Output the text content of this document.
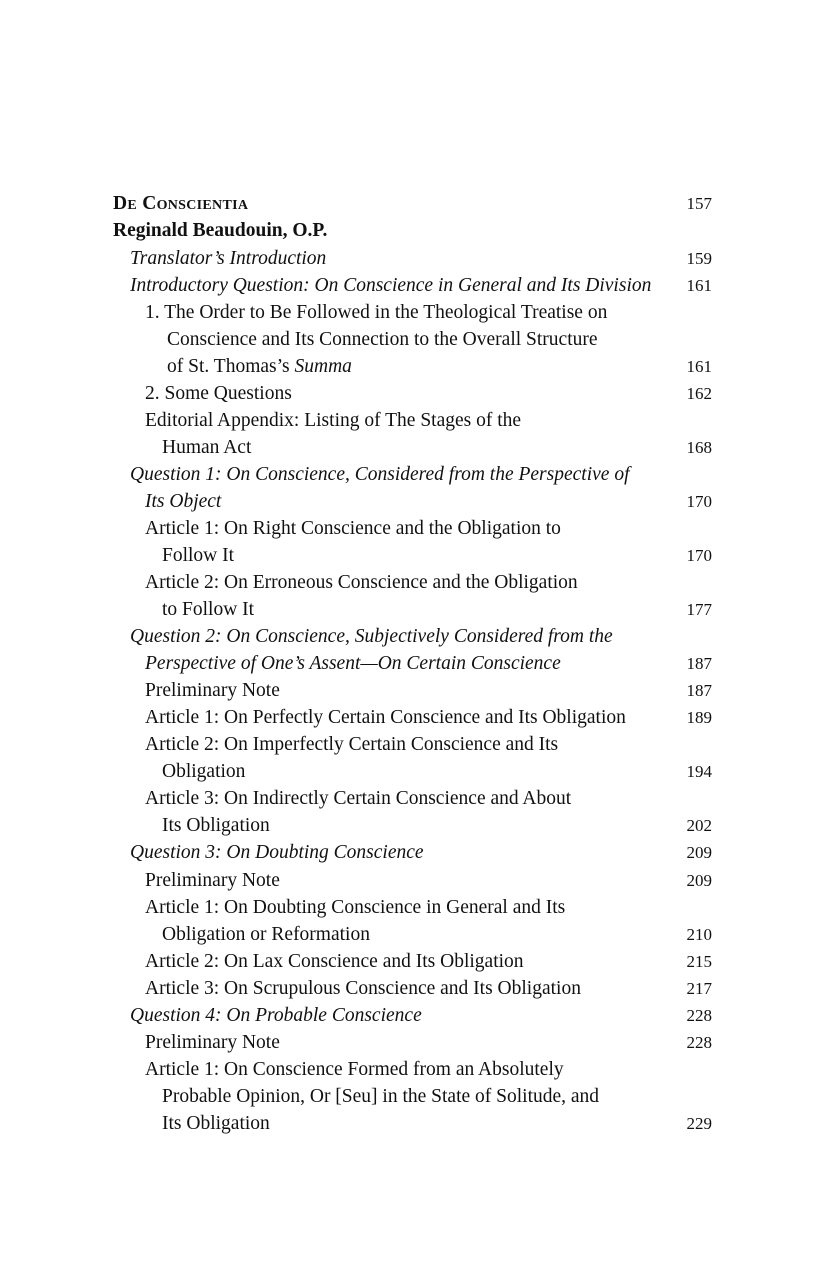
De Conscientia	157
Reginald Beaudouin, O.P.
Translator’s Introduction	159
Introductory Question: On Conscience in General and Its Division	161
1. The Order to Be Followed in the Theological Treatise on
Conscience and Its Connection to the Overall Structure
of St. Thomas’s Summa	161
2. Some Questions	162
Editorial Appendix: Listing of The Stages of the
Human Act	168
Question 1: On Conscience, Considered from the Perspective of
Its Object	170
Article 1: On Right Conscience and the Obligation to
Follow It	170
Article 2: On Erroneous Conscience and the Obligation
to Follow It	177
Question 2: On Conscience, Subjectively Considered from the
Perspective of One’s Assent—On Certain Conscience	187
Preliminary Note	187
Article 1: On Perfectly Certain Conscience and Its Obligation	189
Article 2: On Imperfectly Certain Conscience and Its
Obligation	194
Article 3: On Indirectly Certain Conscience and About
Its Obligation	202
Question 3: On Doubting Conscience	209
Preliminary Note	209
Article 1: On Doubting Conscience in General and Its
Obligation or Reformation	210
Article 2: On Lax Conscience and Its Obligation	215
Article 3: On Scrupulous Conscience and Its Obligation	217
Question 4: On Probable Conscience	228
Preliminary Note	228
Article 1: On Conscience Formed from an Absolutely
Probable Opinion, Or [Seu] in the State of Solitude, and
Its Obligation	229
